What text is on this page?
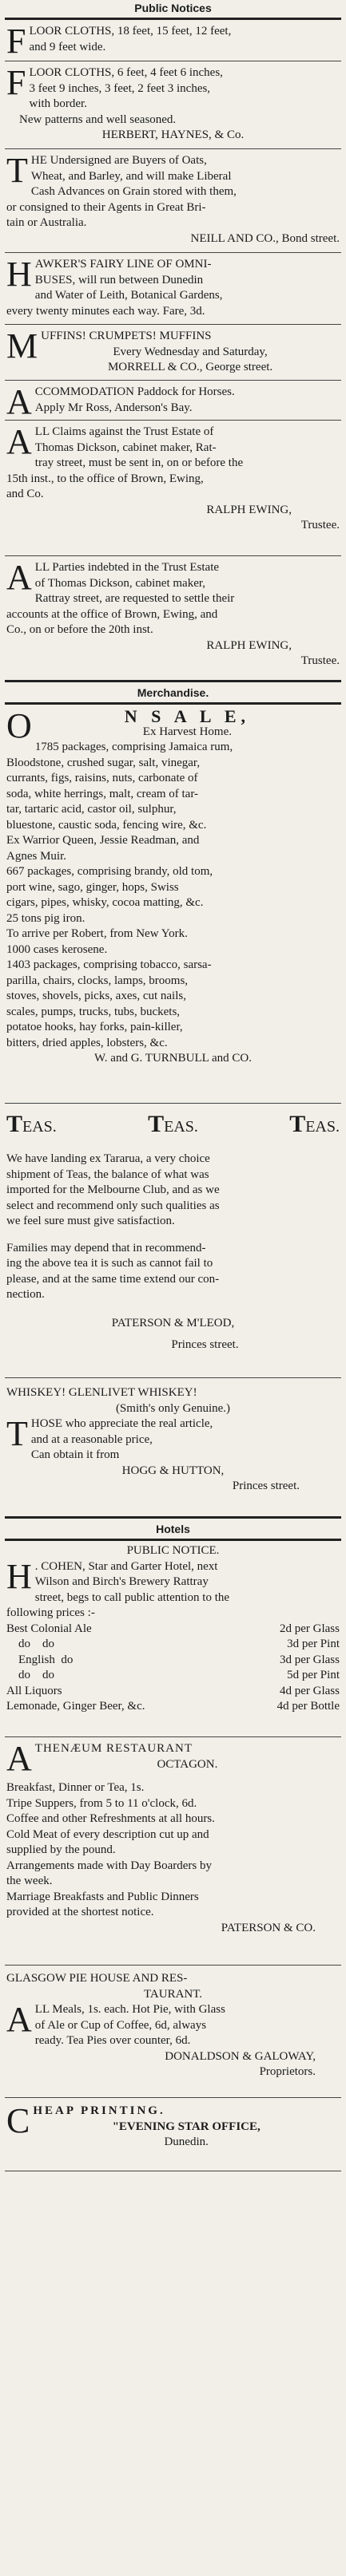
Public Notices
F LOOR CLOTHS, 18 feet, 15 feet, 12 feet,

and 9 feet wide.

F LOOR CLOTHS, 6 feet, 4 feet 6 inches,

3 feet 9 inches, 3 feet, 2 feet 3 inches,

with border.

New patterns and well seasoned.

HERBERT, HAYNES, & Co.

T HE Undersigned are Buyers of Oats,

Wheat, and Barley, and will make Liberal

Cash Advances on Grain stored with them,

or consigned to their Agents in Great Bri-

tain or Australia.

NEILL AND CO., Bond street.

H AWKER'S FAIRY LINE OF OMNI-

BUSES, will run between Dunedin

and Water of Leith, Botanical Gardens,

every twenty minutes each way. Fare, 3d.

M UFFINS! CRUMPETS! MUFFINS

Every Wednesday and Saturday,

MORRELL & CO., George street.

A CCOMMODATION Paddock for Horses.

Apply Mr Ross, Anderson's Bay.

A LL Claims against the Trust Estate of

Thomas Dickson, cabinet maker, Rat-

tray street, must be sent in, on or before the

15th inst., to the office of Brown, Ewing,

and Co.

RALPH EWING,

Trustee.

A LL Parties indebted in the Trust Estate

of Thomas Dickson, cabinet maker,

Rattray street, are requested to settle their

accounts at the office of Brown, Ewing, and

Co., on or before the 20th inst.

RALPH EWING,

Trustee.

Merchandise.
O	N S A L E,

Ex Harvest Home.

1785 packages, comprising Jamaica rum,

Bloodstone, crushed sugar, salt, vinegar,

currants, figs, raisins, nuts, carbonate of

soda, white herrings, malt, cream of tar-

tar, tartaric acid, castor oil, sulphur,

bluestone, caustic soda, fencing wire, &c.

Ex Warrior Queen, Jessie Readman, and

Agnes Muir.

667 packages, comprising brandy, old tom,

port wine, sago, ginger, hops, Swiss

cigars, pipes, whisky, cocoa matting, &c.

25 tons pig iron.

To arrive per Robert, from New York.

1000 cases kerosene.

1403 packages, comprising tobacco, sarsa-

parilla, chairs, clocks, lamps, brooms,

stoves, shovels, picks, axes, cut nails,

scales, pumps, trucks, tubs, buckets,

potatoe hooks, hay forks, pain-killer,

bitters, dried apples, lobsters, &c.

W. and G. TURNBULL and CO.

TEAS.	TEAS.	TEAS.

We have landing ex Tararua, a very choice

shipment of Teas, the balance of what was

imported for the Melbourne Club, and as we

select and recommend only such qualities as

we feel sure must give satisfaction.

Families may depend that in recommend-

ing the above tea it is such as cannot fail to

please, and at the same time extend our con-

nection.

PATERSON & M'LEOD,

Princes street.

WHISKEY! GLENLIVET WHISKEY!

(Smith's only Genuine.)

T HOSE who appreciate the real article,

and at a reasonable price,

Can obtain it from

HOGG & HUTTON,

Princes street.

Hotels

PUBLIC NOTICE.

H . COHEN, Star and Garter Hotel, next

Wilson and Birch's Brewery Rattray

street, begs to call public attention to the

following prices :-

Best Colonial Ale	2d per Glass
do    do	3d per Pint
English  do	3d per Glass
do    do	5d per Pint
All Liquors	4d per Glass
Lemonade, Ginger Beer, &c.	4d per Bottle
A THENÆUM RESTAURANT

OCTAGON.

Breakfast, Dinner or Tea, 1s.

Tripe Suppers, from 5 to 11 o'clock, 6d.

Coffee and other Refreshments at all hours.

Cold Meat of every description cut up and

supplied by the pound.

Arrangements made with Day Boarders by

the week.

Marriage Breakfasts and Public Dinners

provided at the shortest notice.

PATERSON & CO.

GLASGOW PIE HOUSE AND RES-

TAURANT.

A LL Meals, 1s. each. Hot Pie, with Glass

of Ale or Cup of Coffee, 6d, always

ready. Tea Pies over counter, 6d.

DONALDSON & GALOWAY,

Proprietors.

C HEAP PRINTING.

"EVENING STAR OFFICE,

Dunedin.
